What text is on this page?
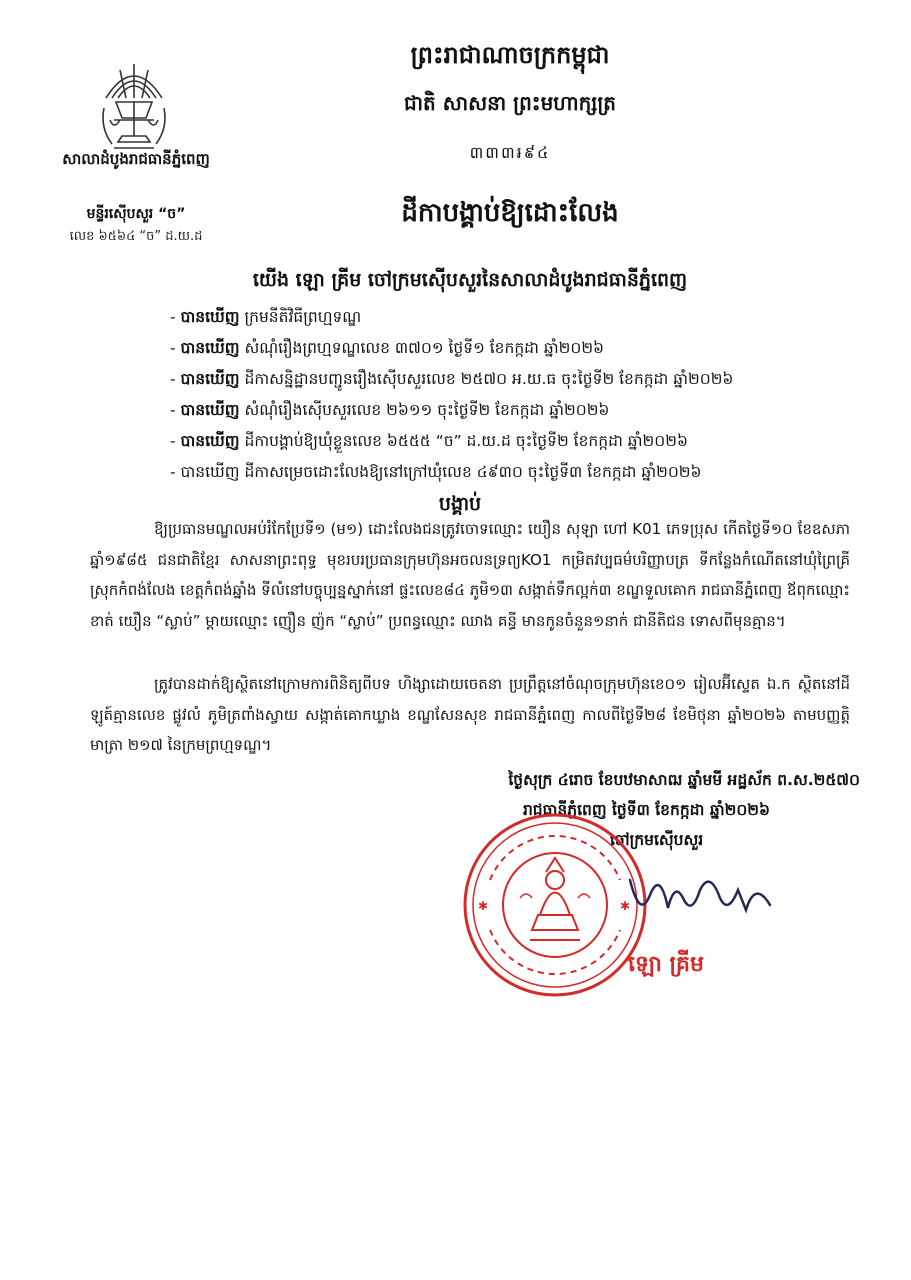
សាលាដំបូងរាជធានីភ្នំពេញ
មន្ទីរស៊ើបសួរ “ច”
លេខ ៦៥៦៤ “ច” ដ.យ.ដ
ព្រះរាជាណាចក្រកម្ពុជា
ជាតិ សាសនា ព្រះមហាក្សត្រ
៣៣៣៛៩៤
ដីកាបង្គាប់ឱ្យដោះលែង
យើង ឡោ គ្រីម ចៅក្រមស៊ើបសួរនៃសាលាដំបូងរាជធានីភ្នំពេញ
- បានឃើញ ក្រមនីតិវិធីព្រហ្មទណ្ឌ
- បានឃើញ សំណុំរឿងព្រហ្មទណ្ឌលេខ ៣៧០១ ថ្ងៃទី១ ខែកក្កដា ឆ្នាំ២០២៦
- បានឃើញ ដីកាសន្និដ្ឋានបញ្ជូនរឿងស៊ើបសួរលេខ ២៥៧០ អ.យ.ធ ចុះថ្ងៃទី២ ខែកក្កដា ឆ្នាំ២០២៦
- បានឃើញ សំណុំរឿងស៊ើបសួរលេខ ២៦១១ ចុះថ្ងៃទី២ ខែកក្កដា ឆ្នាំ២០២៦
- បានឃើញ ដីកាបង្គាប់ឱ្យឃុំខ្លួនលេខ ៦៥៥៥ “ច” ដ.យ.ដ ចុះថ្ងៃទី២ ខែកក្កដា ឆ្នាំ២០២៦
- បានឃើញ ដីកាសម្រេចដោះលែងឱ្យនៅក្រៅឃុំលេខ ៤៩៣០ ចុះថ្ងៃទី៣ ខែកក្កដា ឆ្នាំ២០២៦
បង្គាប់
ឱ្យប្រធានមណ្ឌលអប់រំកែប្រែទី១ (ម១) ដោះលែងជនត្រូវចោទឈ្មោះ យឿន សុឡា ហៅ K01 ភេទប្រុស កើតថ្ងៃទី១០ ខែឧសភា ឆ្នាំ១៩៨៥ ជនជាតិខ្មែរ សាសនាព្រះពុទ្ធ មុខរបរប្រធានក្រុមហ៊ុនអចលនទ្រព្យKO1 កម្រិតវប្បធម៌បរិញ្ញាបត្រ ទីកន្លែងកំណើតនៅឃុំព្រៃគ្រី ស្រុកកំពង់លែង ខេត្តកំពង់ឆ្នាំង ទីលំនៅបច្ចុប្បន្នស្នាក់នៅ ផ្ទះលេខ៨៤ ភូមិ១៣ សង្កាត់ទឹកល្អក់៣ ខណ្ឌទួលគោក រាជធានីភ្នំពេញ ឪពុកឈ្មោះ ខាត់ យឿន “ស្លាប់” ម្ដាយឈ្មោះ ញឿន ញ៉ក “ស្លាប់” ប្រពន្ធឈ្មោះ ឈាង គន្ធី មានកូនចំនួន១នាក់ ជានីតិជន ទោសពីមុនគ្មាន។
ត្រូវបានដាក់ឱ្យស្ថិតនៅក្រោមការពិនិត្យពីបទ ហិង្សាដោយចេតនា ប្រព្រឹត្តនៅចំណុចក្រុមហ៊ុនខេ០១ រៀលអ៊ីស្ទេត ឯ.ក ស្ថិតនៅដីឡូត៍គ្មានលេខ ផ្លូវលំ ភូមិត្រពាំងស្វាយ សង្កាត់គោកឃ្លាង ខណ្ឌសែនសុខ រាជធានីភ្នំពេញ កាលពីថ្ងៃទី២៨ ខែមិថុនា ឆ្នាំ២០២៦ តាមបញ្ញត្តិមាត្រា ២១៧ នៃក្រមព្រហ្មទណ្ឌ។
ថ្ងៃសុក្រ ៤រោច ខែបឋមាសាឍ ឆ្នាំមមី អដ្ឋស័ក ព.ស.២៥៧០
រាជធានីភ្នំពេញ ថ្ងៃទី៣ ខែកក្កដា ឆ្នាំ២០២៦
ចៅក្រមស៊ើបសួរ
✱	✱
ឡោ គ្រីម
